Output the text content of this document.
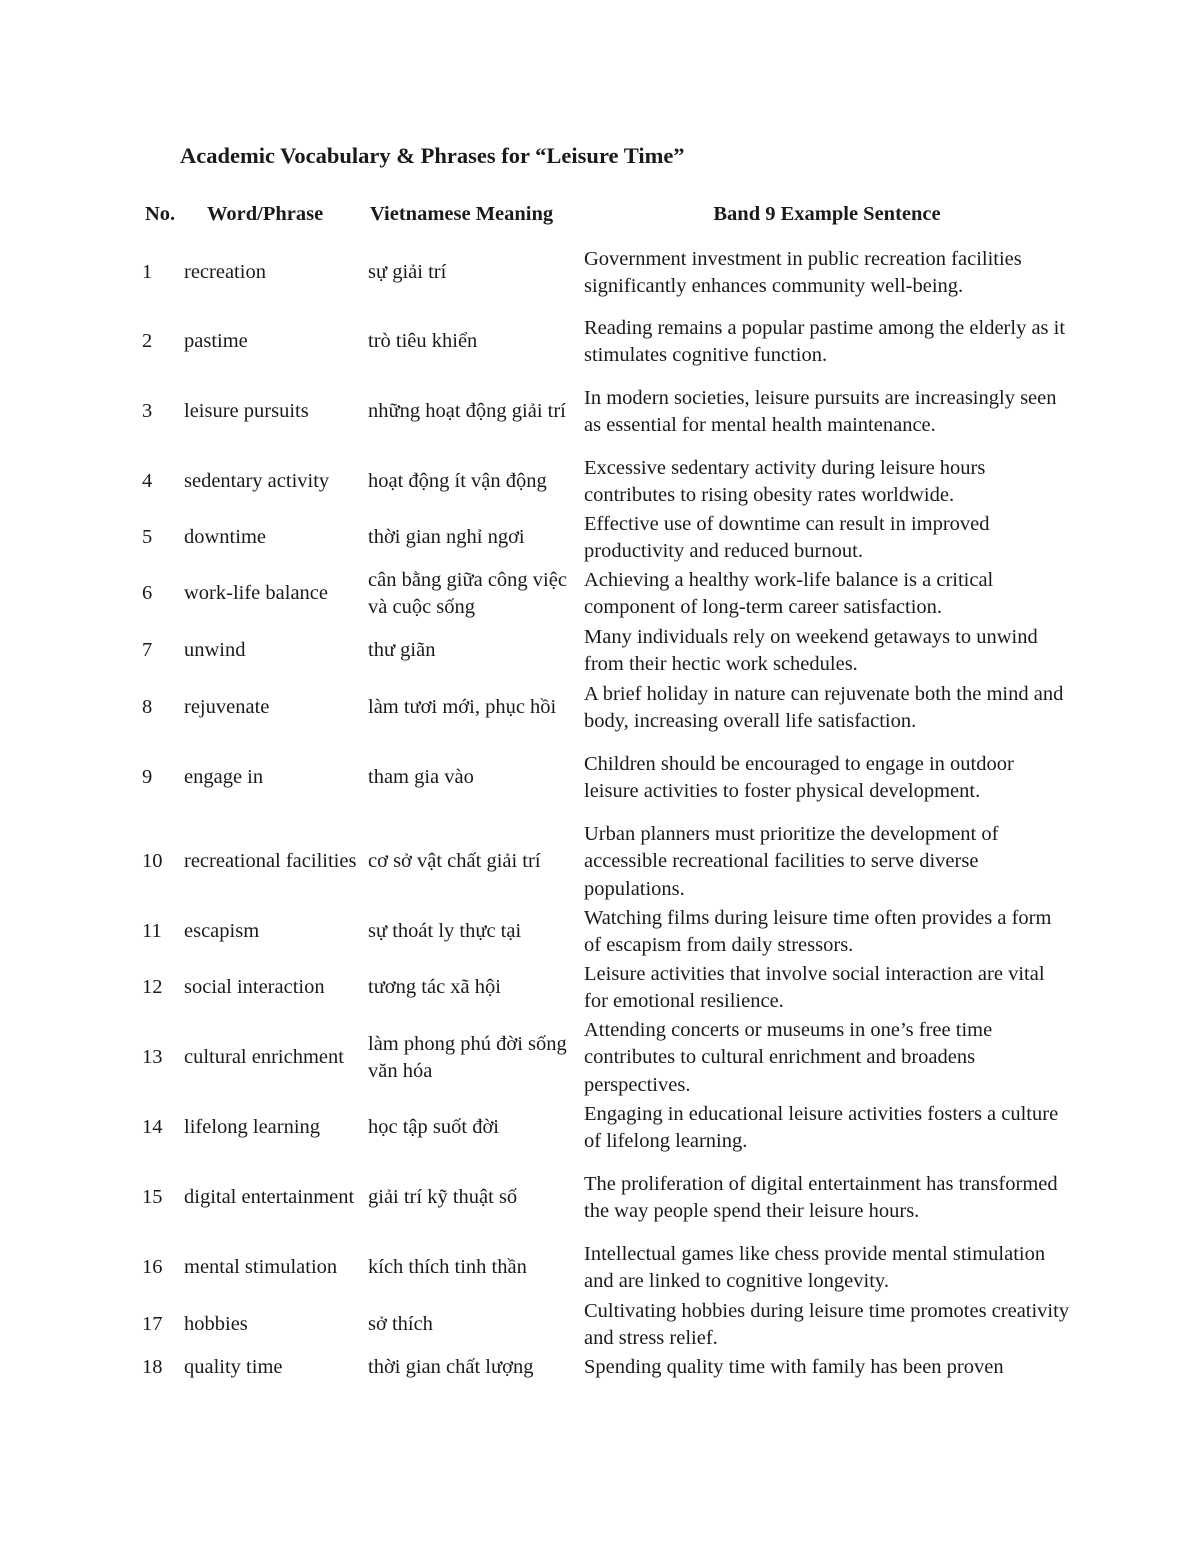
Academic Vocabulary & Phrases for “Leisure Time”
No.	Word/Phrase	Vietnamese Meaning	Band 9 Example Sentence
1	recreation	sự giải trí	Government investment in public recreation facilities significantly enhances community well-being.
2	pastime	trò tiêu khiển	Reading remains a popular pastime among the elderly as it stimulates cognitive function.
3	leisure pursuits	những hoạt động giải trí	In modern societies, leisure pursuits are increasingly seen as essential for mental health maintenance.
4	sedentary activity	hoạt động ít vận động	Excessive sedentary activity during leisure hours contributes to rising obesity rates worldwide.
5	downtime	thời gian nghỉ ngơi	Effective use of downtime can result in improved productivity and reduced burnout.
6	work-life balance	cân bằng giữa công việc và cuộc sống	Achieving a healthy work-life balance is a critical component of long-term career satisfaction.
7	unwind	thư giãn	Many individuals rely on weekend getaways to unwind from their hectic work schedules.
8	rejuvenate	làm tươi mới, phục hồi	A brief holiday in nature can rejuvenate both the mind and body, increasing overall life satisfaction.
9	engage in	tham gia vào	Children should be encouraged to engage in outdoor leisure activities to foster physical development.
10	recreational facilities	cơ sở vật chất giải trí	Urban planners must prioritize the development of accessible recreational facilities to serve diverse populations.
11	escapism	sự thoát ly thực tại	Watching films during leisure time often provides a form of escapism from daily stressors.
12	social interaction	tương tác xã hội	Leisure activities that involve social interaction are vital for emotional resilience.
13	cultural enrichment	làm phong phú đời sống văn hóa	Attending concerts or museums in one’s free time contributes to cultural enrichment and broadens perspectives.
14	lifelong learning	học tập suốt đời	Engaging in educational leisure activities fosters a culture of lifelong learning.
15	digital entertainment	giải trí kỹ thuật số	The proliferation of digital entertainment has transformed the way people spend their leisure hours.
16	mental stimulation	kích thích tinh thần	Intellectual games like chess provide mental stimulation and are linked to cognitive longevity.
17	hobbies	sở thích	Cultivating hobbies during leisure time promotes creativity and stress relief.
18	quality time	thời gian chất lượng	Spending quality time with family has been proven
